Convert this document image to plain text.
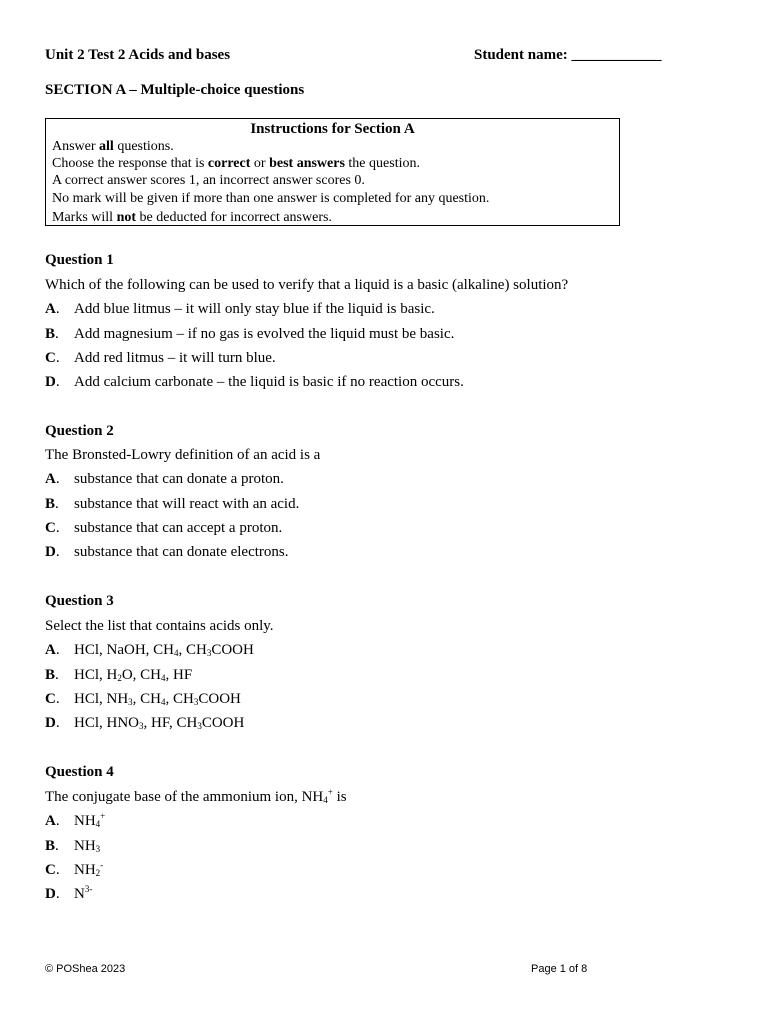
Unit 2 Test 2 Acids and bases	Student name: ____________
SECTION A – Multiple-choice questions
Instructions for Section A
Answer all questions.
Choose the response that is correct or best answers the question.
A correct answer scores 1, an incorrect answer scores 0.
No mark will be given if more than one answer is completed for any question.
Marks will not be deducted for incorrect answers.
Question 1
Which of the following can be used to verify that a liquid is a basic (alkaline) solution?
A. Add blue litmus – it will only stay blue if the liquid is basic.
B. Add magnesium – if no gas is evolved the liquid must be basic.
C. Add red litmus – it will turn blue.
D. Add calcium carbonate – the liquid is basic if no reaction occurs.
Question 2
The Bronsted-Lowry definition of an acid is a
A. substance that can donate a proton.
B. substance that will react with an acid.
C. substance that can accept a proton.
D. substance that can donate electrons.
Question 3
Select the list that contains acids only.
A. HCl, NaOH, $CH_4$, $CH_3COOH$
B. HCl, $H_2O$, $CH_4$, HF
C. HCl, $NH_3$, $CH_4$, $CH_3COOH$
D. HCl, $HNO_3$, HF, $CH_3COOH$
Question 4
The conjugate base of the ammonium ion, $NH_4^+$ is
A. $NH_4^+$
B. $NH_3$
C. $NH_2^-$
D. $N^{3-}$
© POShea 2023	Page 1 of 8
